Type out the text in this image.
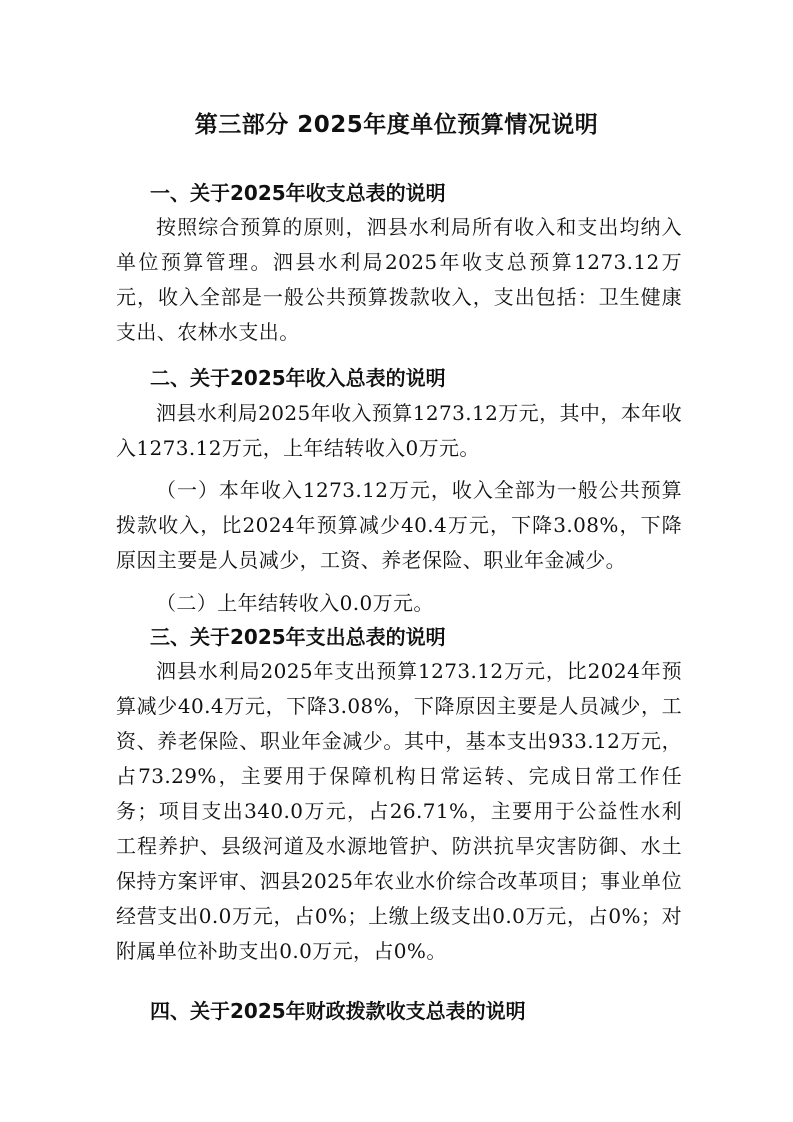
第三部分 2025年度单位预算情况说明
一、关于2025年收支总表的说明
按照综合预算的原则，泗县水利局所有收入和支出均纳入单位预算管理。泗县水利局2025年收支总预算1273.12万元，收入全部是一般公共预算拨款收入，支出包括：卫生健康支出、农林水支出。
二、关于2025年收入总表的说明
泗县水利局2025年收入预算1273.12万元，其中，本年收入1273.12万元，上年结转收入0万元。
（一）本年收入1273.12万元，收入全部为一般公共预算拨款收入，比2024年预算减少40.4万元，下降3.08%，下降原因主要是人员减少，工资、养老保险、职业年金减少。
（二）上年结转收入0.0万元。
三、关于2025年支出总表的说明
泗县水利局2025年支出预算1273.12万元，比2024年预算减少40.4万元，下降3.08%，下降原因主要是人员减少，工资、养老保险、职业年金减少。其中，基本支出933.12万元，占73.29%，主要用于保障机构日常运转、完成日常工作任务；项目支出340.0万元，占26.71%，主要用于公益性水利工程养护、县级河道及水源地管护、防洪抗旱灾害防御、水土保持方案评审、泗县2025年农业水价综合改革项目；事业单位经营支出0.0万元，占0%；上缴上级支出0.0万元，占0%；对附属单位补助支出0.0万元，占0%。
四、关于2025年财政拨款收支总表的说明
